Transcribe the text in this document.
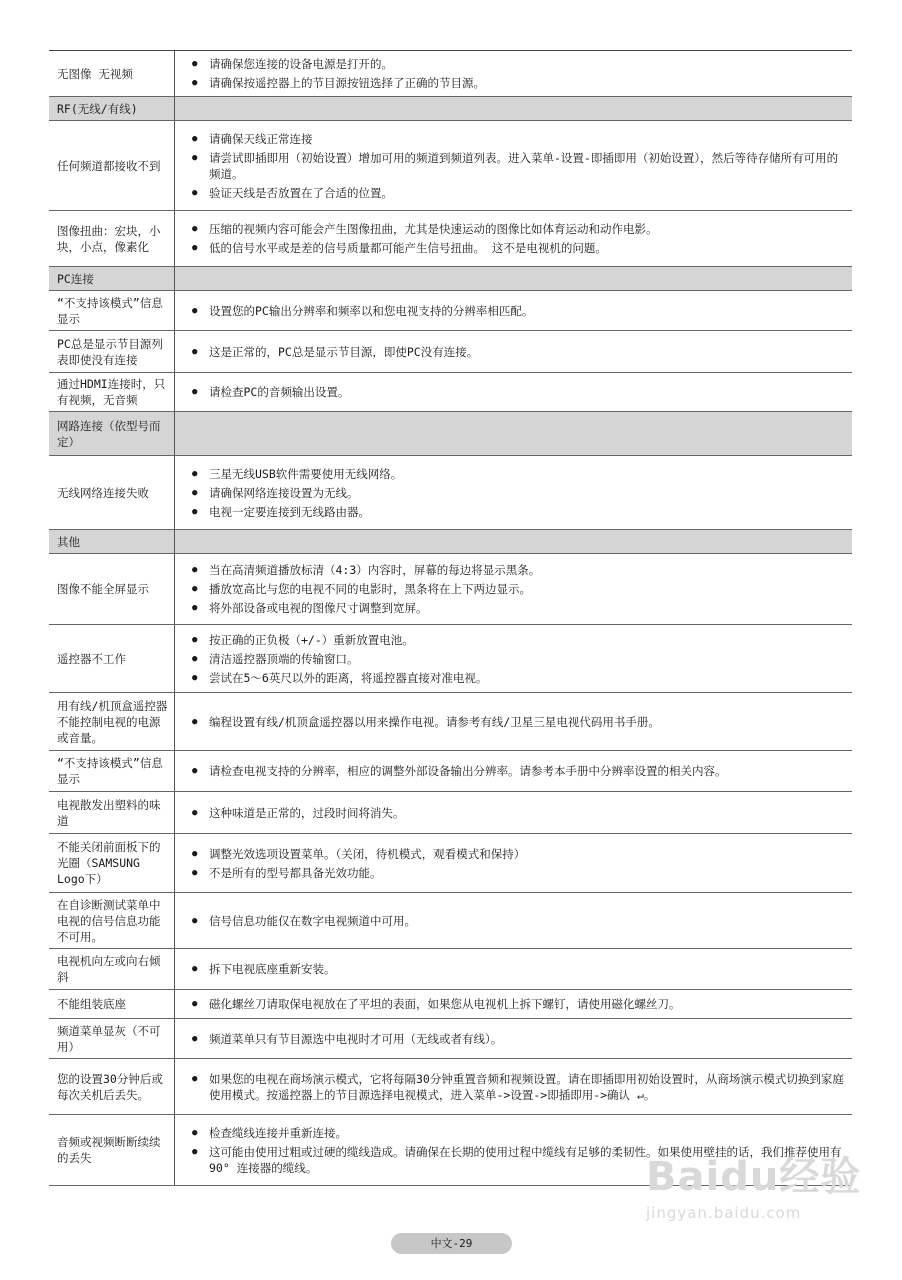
无图像 无视频
●	请确保您连接的设备电源是打开的。
●	请确保按遥控器上的节目源按钮选择了正确的节目源。
RF(无线/有线)
任何频道都接收不到
●	请确保天线正常连接
●	请尝试即插即用（初始设置）增加可用的频道到频道列表。进入菜单-设置-即插即用（初始设置），然后等待存储所有可用的频道。
●	验证天线是否放置在了合适的位置。
图像扭曲：宏块，小块，小点，像素化
●	压缩的视频内容可能会产生图像扭曲，尤其是快速运动的图像比如体育运动和动作电影。
●	低的信号水平或是差的信号质量都可能产生信号扭曲。 这不是电视机的问题。
PC连接
“不支持该模式”信息显示
●	设置您的PC输出分辨率和频率以和您电视支持的分辨率相匹配。
PC总是显示节目源列表即使没有连接
●	这是正常的，PC总是显示节目源，即使PC没有连接。
通过HDMI连接时，只有视频，无音频
●	请检查PC的音频输出设置。
网路连接（依型号而定）
无线网络连接失败
●	三星无线USB软件需要使用无线网络。
●	请确保网络连接设置为无线。
●	电视一定要连接到无线路由器。
其他
图像不能全屏显示
●	当在高清频道播放标清（4:3）内容时，屏幕的每边将显示黑条。
●	播放宽高比与您的电视不同的电影时，黑条将在上下两边显示。
●	将外部设备或电视的图像尺寸调整到宽屏。
遥控器不工作
●	按正确的正负极（+/-）重新放置电池。
●	清洁遥控器顶端的传输窗口。
●	尝试在5～6英尺以外的距离，将遥控器直接对准电视。
用有线/机顶盒遥控器不能控制电视的电源或音量。
●	编程设置有线/机顶盒遥控器以用来操作电视。请参考有线/卫星三星电视代码用书手册。
“不支持该模式”信息显示
●	请检查电视支持的分辨率，相应的调整外部设备输出分辨率。请参考本手册中分辨率设置的相关内容。
电视散发出塑料的味道
●	这种味道是正常的，过段时间将消失。
不能关闭前面板下的光圈（SAMSUNG Logo下）
●	调整光效选项设置菜单。（关闭，待机模式，观看模式和保持）
●	不是所有的型号都具备光效功能。
在自诊断测试菜单中电视的信号信息功能不可用。
●	信号信息功能仅在数字电视频道中可用。
电视机向左或向右倾斜
●	拆下电视底座重新安装。
不能组装底座	●	磁化螺丝刀请取保电视放在了平坦的表面，如果您从电视机上拆下螺钉，请使用磁化螺丝刀。
频道菜单显灰（不可用）
●	频道菜单只有节目源选中电视时才可用（无线或者有线）。
您的设置30分钟后或每次关机后丢失。
●	如果您的电视在商场演示模式，它将每隔30分钟重置音频和视频设置。请在即插即用初始设置时，从商场演示模式切换到家庭使用模式。按遥控器上的节目源选择电视模式，进入菜单->设置->即插即用->确认 ↵。
音频或视频断断续续的丢失
●	检查缆线连接并重新连接。
●	这可能由使用过粗或过硬的缆线造成。请确保在长期的使用过程中缆线有足够的柔韧性。如果使用壁挂的话，我们推荐使用有90° 连接器的缆线。	Baidu经验
jingyan.baidu.com
中文-29
